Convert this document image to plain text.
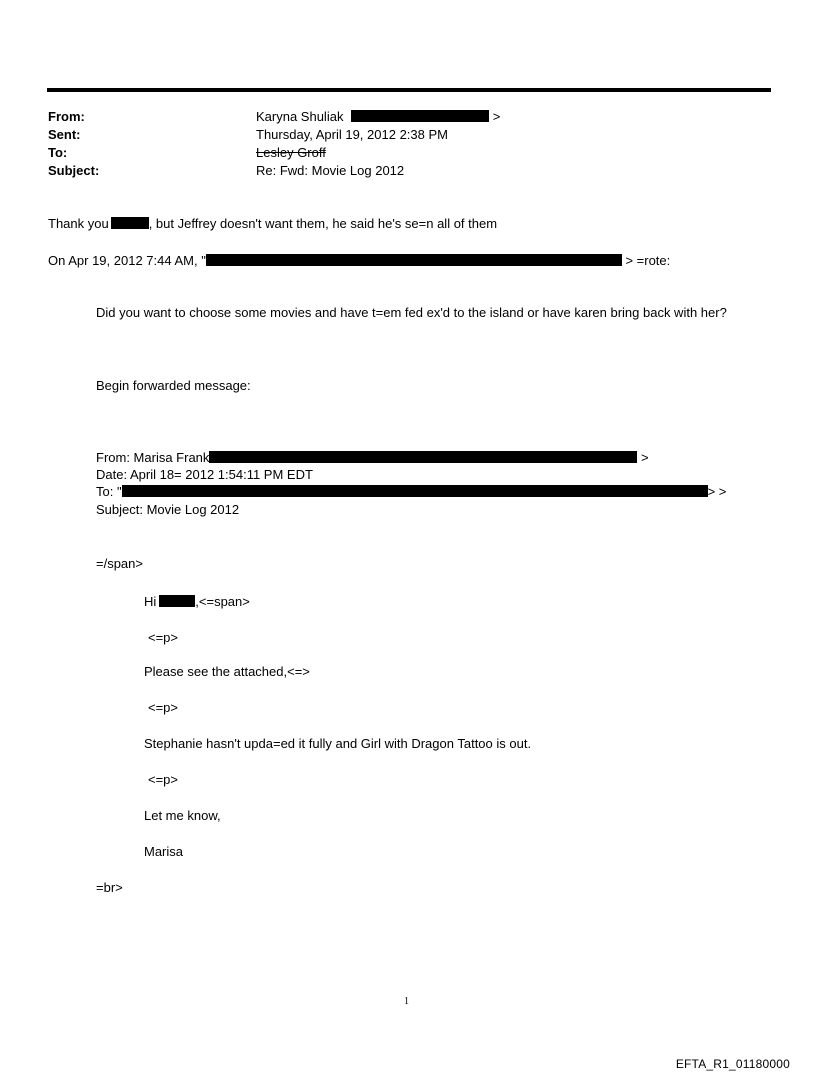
From:	Karyna Shuliak	>
Sent:	Thursday, April 19, 2012 2:38 PM
To:	Lesley Groff
Subject:	Re: Fwd: Movie Log 2012
Thank you	, but Jeffrey doesn't want them, he said he's se=n all of them
On Apr 19, 2012 7:44 AM, "	> =rote:
Did you want to choose some movies and have t=em fed ex'd to the island or have karen bring back with her?
Begin forwarded message:
From: Marisa Frank	>
Date: April 18= 2012 1:54:11 PM EDT
To: "	> >
Subject: Movie Log 2012
=/span>
Hi	,<=span>
<=p>
Please see the attached,<=>
<=p>
Stephanie hasn't upda=ed it fully and Girl with Dragon Tattoo is out.
<=p>
Let me know,
Marisa
=br>
1
EFTA_R1_01180000
